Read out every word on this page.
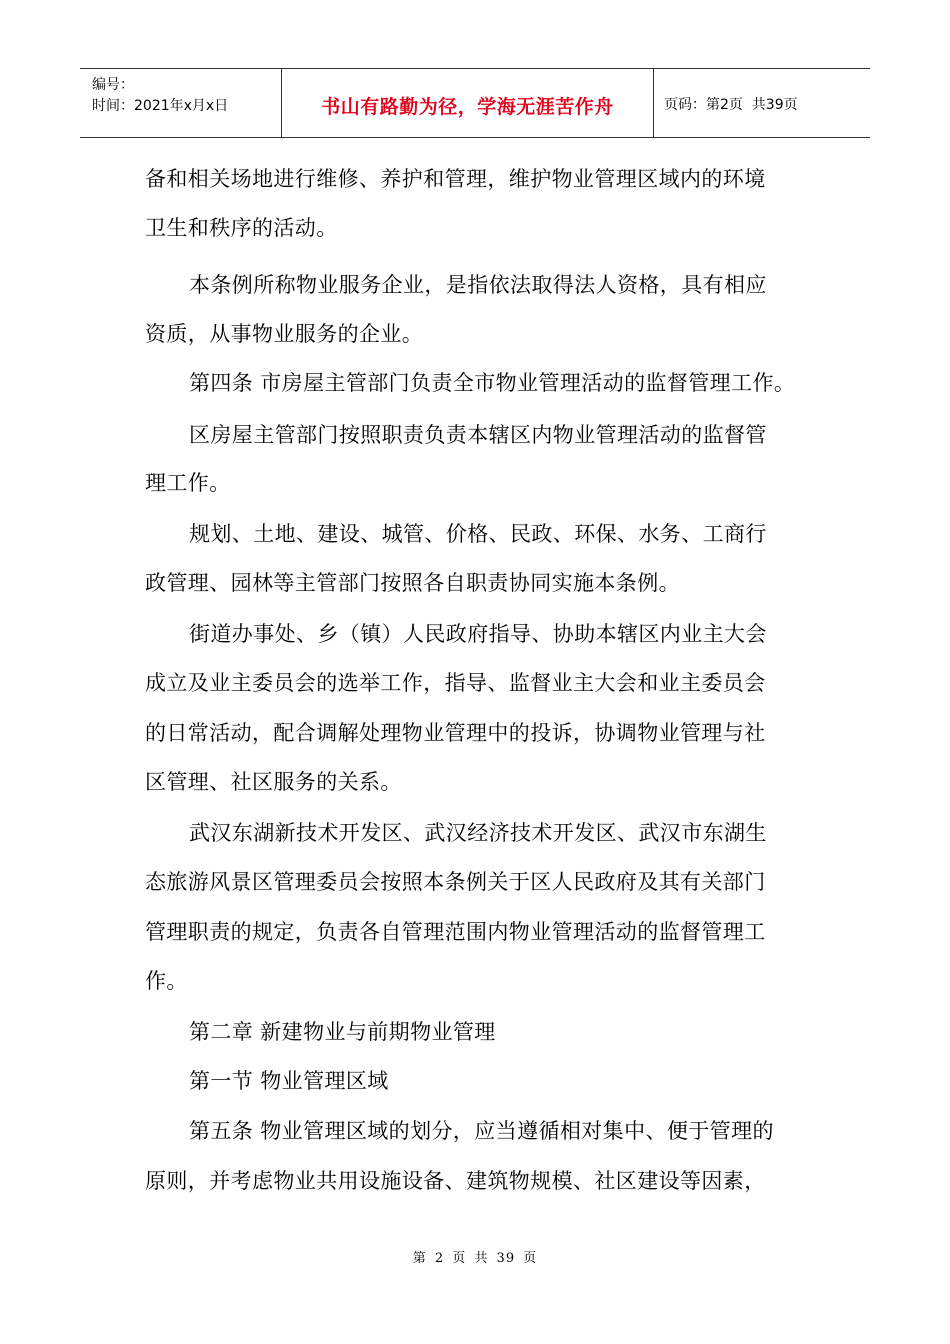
编号：
时间：2021年x月x日	书山有路勤为径，学海无涯苦作舟	页码：第2页  共39页
备和相关场地进行维修、养护和管理，维护物业管理区域内的环境
卫生和秩序的活动。
本条例所称物业服务企业，是指依法取得法人资格，具有相应
资质，从事物业服务的企业。
第四条 市房屋主管部门负责全市物业管理活动的监督管理工作。
区房屋主管部门按照职责负责本辖区内物业管理活动的监督管
理工作。
规划、土地、建设、城管、价格、民政、环保、水务、工商行
政管理、园林等主管部门按照各自职责协同实施本条例。
街道办事处、乡（镇）人民政府指导、协助本辖区内业主大会
成立及业主委员会的选举工作，指导、监督业主大会和业主委员会
的日常活动，配合调解处理物业管理中的投诉，协调物业管理与社
区管理、社区服务的关系。
武汉东湖新技术开发区、武汉经济技术开发区、武汉市东湖生
态旅游风景区管理委员会按照本条例关于区人民政府及其有关部门
管理职责的规定，负责各自管理范围内物业管理活动的监督管理工
作。
第二章 新建物业与前期物业管理
第一节 物业管理区域
第五条 物业管理区域的划分，应当遵循相对集中、便于管理的
原则，并考虑物业共用设施设备、建筑物规模、社区建设等因素，
第 2 页 共 39 页
